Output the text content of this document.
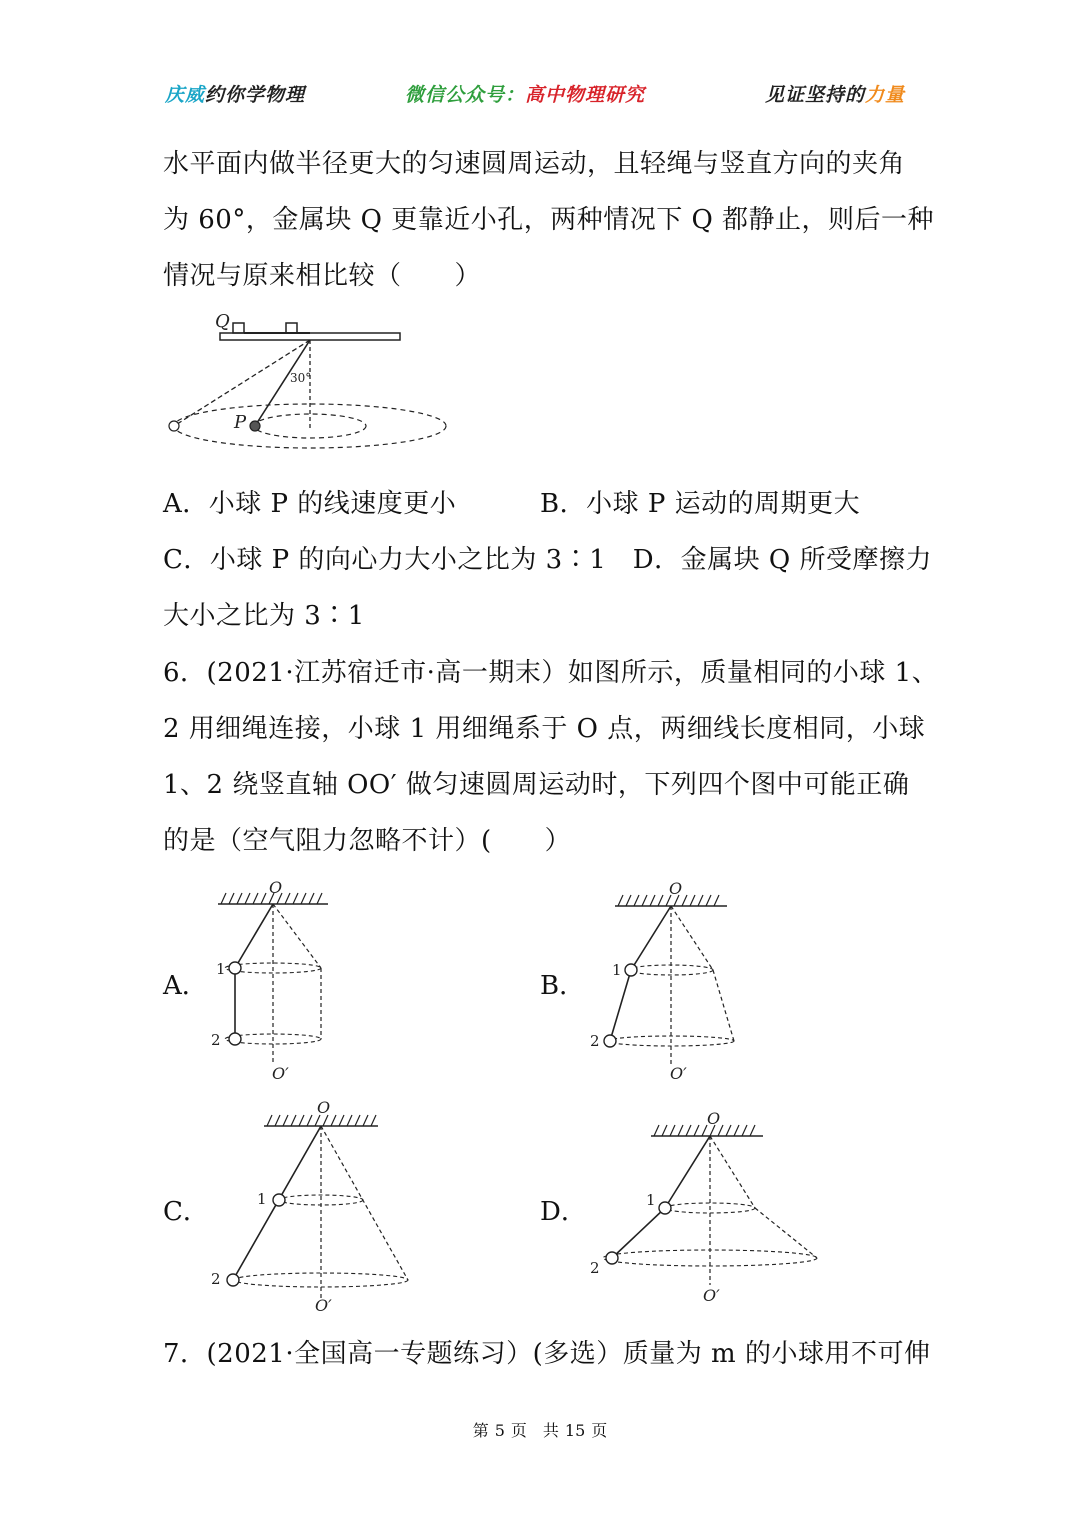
庆威约你学物理	微信公众号：高中物理研究	见证坚持的力量
水平面内做半径更大的匀速圆周运动，且轻绳与竖直方向的夹角
为 60°，金属块 Q 更靠近小孔，两种情况下 Q 都静止，则后一种
情况与原来相比较（　　）
Q
30°
P
A．小球 P 的线速度更小	B．小球 P 运动的周期更大
C．小球 P 的向心力大小之比为 3∶1　D．金属块 Q 所受摩擦力
大小之比为 3∶1
6．(2021·江苏宿迁市·高一期末）如图所示，质量相同的小球 1、
2 用细绳连接，小球 1 用细绳系于 O 点，两细线长度相同，小球
1、2 绕竖直轴 OO′ 做匀速圆周运动时，下列四个图中可能正确
的是（空气阻力忽略不计）(　　）
A．	B．
C．	D．
O
1
2
O′
O
1
2
O′
O
1
2
O′
O
1
2
O′
7．(2021·全国高一专题练习）(多选）质量为 m 的小球用不可伸
第 5 页　共 15 页
